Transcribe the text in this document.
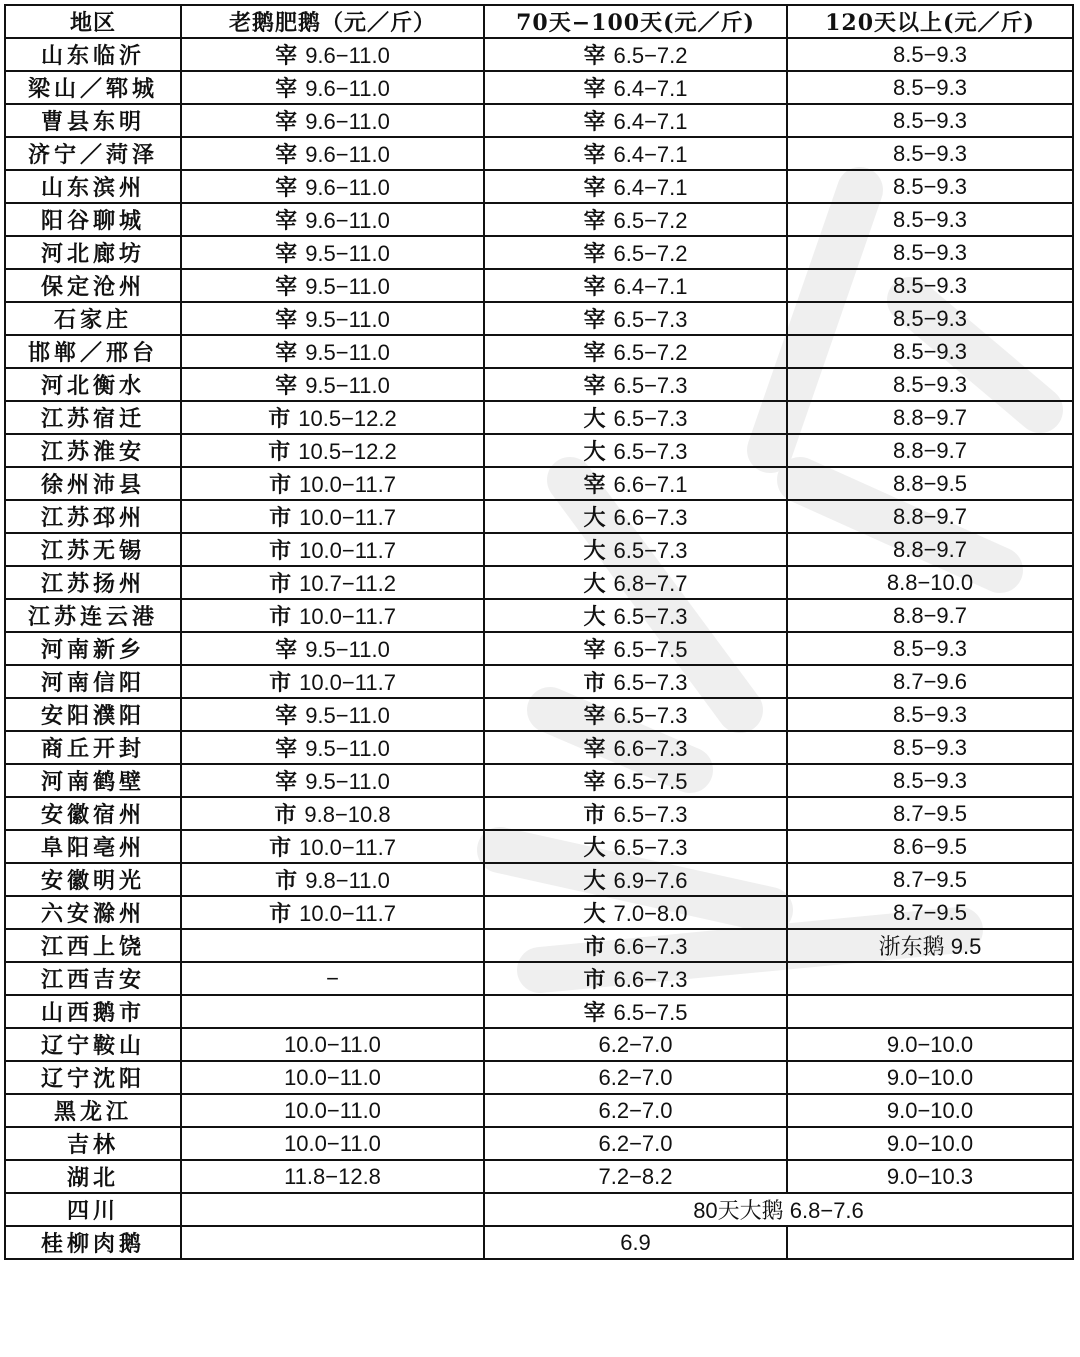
地区	老鹅肥鹅（元／斤）	70天−100天(元／斤)	120天以上(元／斤)
山东临沂	宰 9.6−11.0	宰 6.5−7.2	8.5−9.3
梁山／郓城	宰 9.6−11.0	宰 6.4−7.1	8.5−9.3
曹县东明	宰 9.6−11.0	宰 6.4−7.1	8.5−9.3
济宁／菏泽	宰 9.6−11.0	宰 6.4−7.1	8.5−9.3
山东滨州	宰 9.6−11.0	宰 6.4−7.1	8.5−9.3
阳谷聊城	宰 9.6−11.0	宰 6.5−7.2	8.5−9.3
河北廊坊	宰 9.5−11.0	宰 6.5−7.2	8.5−9.3
保定沧州	宰 9.5−11.0	宰 6.4−7.1	8.5−9.3
石家庄	宰 9.5−11.0	宰 6.5−7.3	8.5−9.3
邯郸／邢台	宰 9.5−11.0	宰 6.5−7.2	8.5−9.3
河北衡水	宰 9.5−11.0	宰 6.5−7.3	8.5−9.3
江苏宿迁	市 10.5−12.2	大 6.5−7.3	8.8−9.7
江苏淮安	市 10.5−12.2	大 6.5−7.3	8.8−9.7
徐州沛县	市 10.0−11.7	宰 6.6−7.1	8.8−9.5
江苏邳州	市 10.0−11.7	大 6.6−7.3	8.8−9.7
江苏无锡	市 10.0−11.7	大 6.5−7.3	8.8−9.7
江苏扬州	市 10.7−11.2	大 6.8−7.7	8.8−10.0
江苏连云港	市 10.0−11.7	大 6.5−7.3	8.8−9.7
河南新乡	宰 9.5−11.0	宰 6.5−7.5	8.5−9.3
河南信阳	市 10.0−11.7	市 6.5−7.3	8.7−9.6
安阳濮阳	宰 9.5−11.0	宰 6.5−7.3	8.5−9.3
商丘开封	宰 9.5−11.0	宰 6.6−7.3	8.5−9.3
河南鹤壁	宰 9.5−11.0	宰 6.5−7.5	8.5−9.3
安徽宿州	市 9.8−10.8	市 6.5−7.3	8.7−9.5
阜阳亳州	市 10.0−11.7	大 6.5−7.3	8.6−9.5
安徽明光	市 9.8−11.0	大 6.9−7.6	8.7−9.5
六安滁州	市 10.0−11.7	大 7.0−8.0	8.7−9.5
江西上饶		市 6.6−7.3	浙东鹅 9.5
江西吉安	−	市 6.6−7.3	
山西鹅市		宰 6.5−7.5	
辽宁鞍山	10.0−11.0	6.2−7.0	9.0−10.0
辽宁沈阳	10.0−11.0	6.2−7.0	9.0−10.0
黑龙江	10.0−11.0	6.2−7.0	9.0−10.0
吉林	10.0−11.0	6.2−7.0	9.0−10.0
湖北	11.8−12.8	7.2−8.2	9.0−10.3
四川		80天大鹅 6.8−7.6	
桂柳肉鹅		6.9	
